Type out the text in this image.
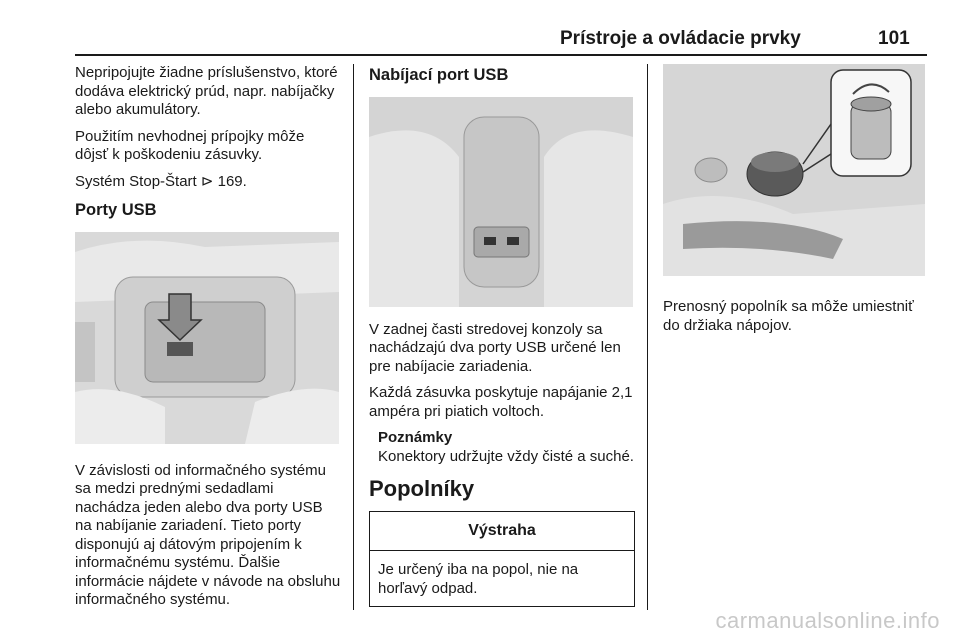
Prístroje a ovládacie prvky	101

Nepripojujte žiadne príslušenstvo, ktoré dodáva elektrický prúd, napr. nabíjačky alebo akumulátory.

Použitím nevhodnej prípojky môže dôjsť k poškodeniu zásuvky.

Systém Stop-Štart ⊳ 169.

Porty USB

V závislosti od informačného systému sa medzi prednými sedadlami nachádza jeden alebo dva porty USB na nabíjanie zariadení. Tieto porty disponujú aj dátovým pripojením k informačnému systému. Ďalšie informácie nájdete v návode na obsluhu informačného systému.

Nabíjací port USB

V zadnej časti stredovej konzoly sa nachádzajú dva porty USB určené len pre nabíjacie zariadenia.

Každá zásuvka poskytuje napájanie 2,1 ampéra pri piatich voltoch.

Poznámky
Konektory udržujte vždy čisté a suché.
Popolníky
Výstraha
Je určený iba na popol, nie na horľavý odpad.

Prenosný popolník sa môže umiestniť do držiaka nápojov.

carmanualsonline.info
